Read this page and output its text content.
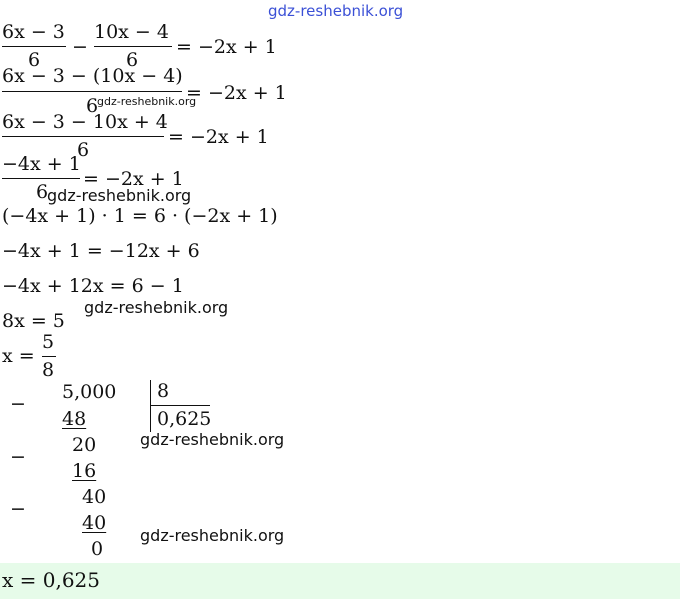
gdz-reshebnik.org
6x − 3
6
−
10x − 4
6
= −2x + 1
6x − 3 − (10x − 4)
6
gdz-reshebnik.org
= −2x + 1
6x − 3 − 10x + 4
6
= −2x + 1
−4x + 1
6
= −2x + 1
gdz-reshebnik.org
(−4x + 1) · 1 = 6 · (−2x + 1)
−4x + 1 = −12x + 6
−4x + 12x = 6 − 1
8x = 5
gdz-reshebnik.org
x =
5
8
−
5,000
48
20
8
0,625
gdz-reshebnik.org
−
16
40
−
40
0
gdz-reshebnik.org
x = 0,625
